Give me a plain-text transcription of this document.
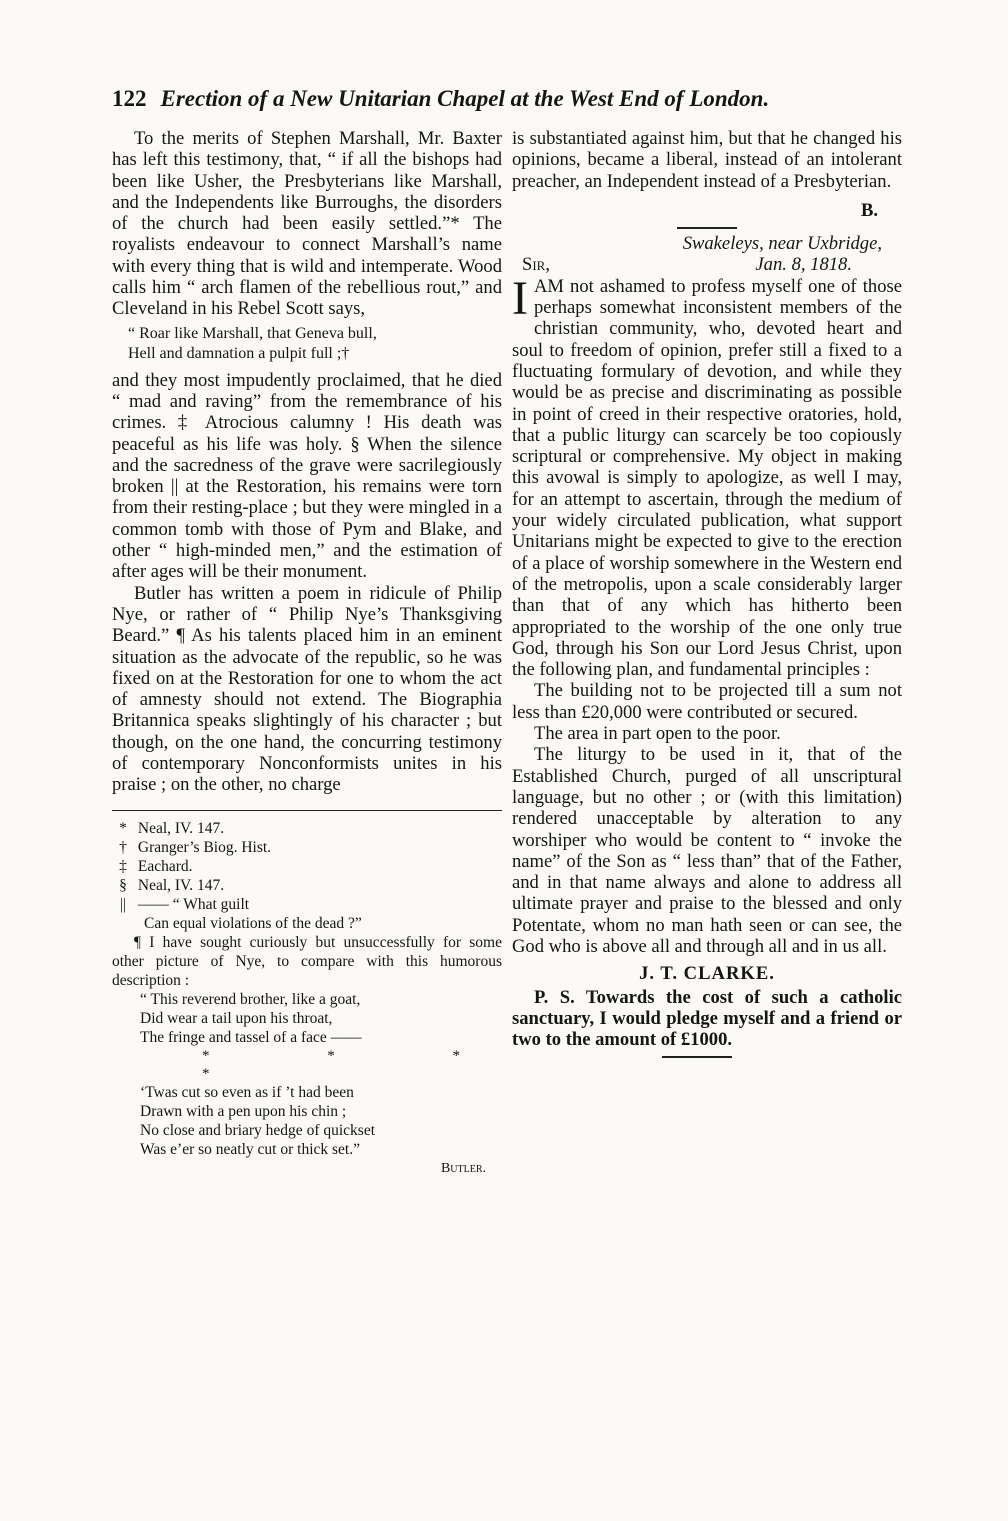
122 Erection of a New Unitarian Chapel at the West End of London.

To the merits of Stephen Marshall, Mr. Baxter has left this testimony, that, “ if all the bishops had been like Usher, the Presbyterians like Marshall, and the Independents like Burroughs, the disorders of the church had been easily settled.”* The royalists endeavour to connect Marshall’s name with every thing that is wild and intemperate. Wood calls him “ arch flamen of the rebellious rout,” and Cleveland in his Rebel Scott says,

“ Roar like Marshall, that Geneva bull,
Hell and damnation a pulpit full ;†

and they most impudently proclaimed, that he died “ mad and raving” from the remembrance of his crimes. ‡ Atrocious calumny ! His death was peaceful as his life was holy. § When the silence and the sacredness of the grave were sacrilegiously broken || at the Restoration, his remains were torn from their resting-place ; but they were mingled in a common tomb with those of Pym and Blake, and other “ high-minded men,” and the estimation of after ages will be their monument.

Butler has written a poem in ridicule of Philip Nye, or rather of “ Philip Nye’s Thanksgiving Beard.” ¶ As his talents placed him in an eminent situation as the advocate of the republic, so he was fixed on at the Restoration for one to whom the act of amnesty should not extend. The Biographia Britannica speaks slightingly of his character ; but though, on the one hand, the concurring testimony of contemporary Nonconformists unites in his praise ; on the other, no charge

* Neal, IV. 147.
† Granger’s Biog. Hist.
‡ Eachard.
§ Neal, IV. 147.
|| —— “ What guilt
Can equal violations of the dead ?”
¶ I have sought curiously but unsuccessfully for some other picture of Nye, to compare with this humorous description :
“ This reverend brother, like a goat,
Did wear a tail upon his throat,
The fringe and tassel of a face ——
* * * *
‘Twas cut so even as if ’t had been
Drawn with a pen upon his chin ;
No close and briary hedge of quickset
Was e’er so neatly cut or thick set.”
Butler.

is substantiated against him, but that he changed his opinions, became a liberal, instead of an intolerant preacher, an Independent instead of a Presbyterian.

B.
Swakeleys, near Uxbridge,
Sir,	Jan. 8, 1818.

IAM not ashamed to profess myself one of those perhaps somewhat inconsistent members of the christian community, who, devoted heart and soul to freedom of opinion, prefer still a fixed to a fluctuating formulary of devotion, and while they would be as precise and discriminating as possible in point of creed in their respective oratories, hold, that a public liturgy can scarcely be too copiously scriptural or comprehensive. My object in making this avowal is simply to apologize, as well I may, for an attempt to ascertain, through the medium of your widely circulated publication, what support Unitarians might be expected to give to the erection of a place of worship somewhere in the Western end of the metropolis, upon a scale considerably larger than that of any which has hitherto been appropriated to the worship of the one only true God, through his Son our Lord Jesus Christ, upon the following plan, and fundamental principles :

The building not to be projected till a sum not less than £20,000 were contributed or secured.

The area in part open to the poor.

The liturgy to be used in it, that of the Established Church, purged of all unscriptural language, but no other ; or (with this limitation) rendered unacceptable by alteration to any worshiper who would be content to “ invoke the name” of the Son as “ less than” that of the Father, and in that name always and alone to address all ultimate prayer and praise to the blessed and only Potentate, whom no man hath seen or can see, the God who is above all and through all and in us all.

J. T. CLARKE.

P. S. Towards the cost of such a catholic sanctuary, I would pledge myself and a friend or two to the amount of £1000.
